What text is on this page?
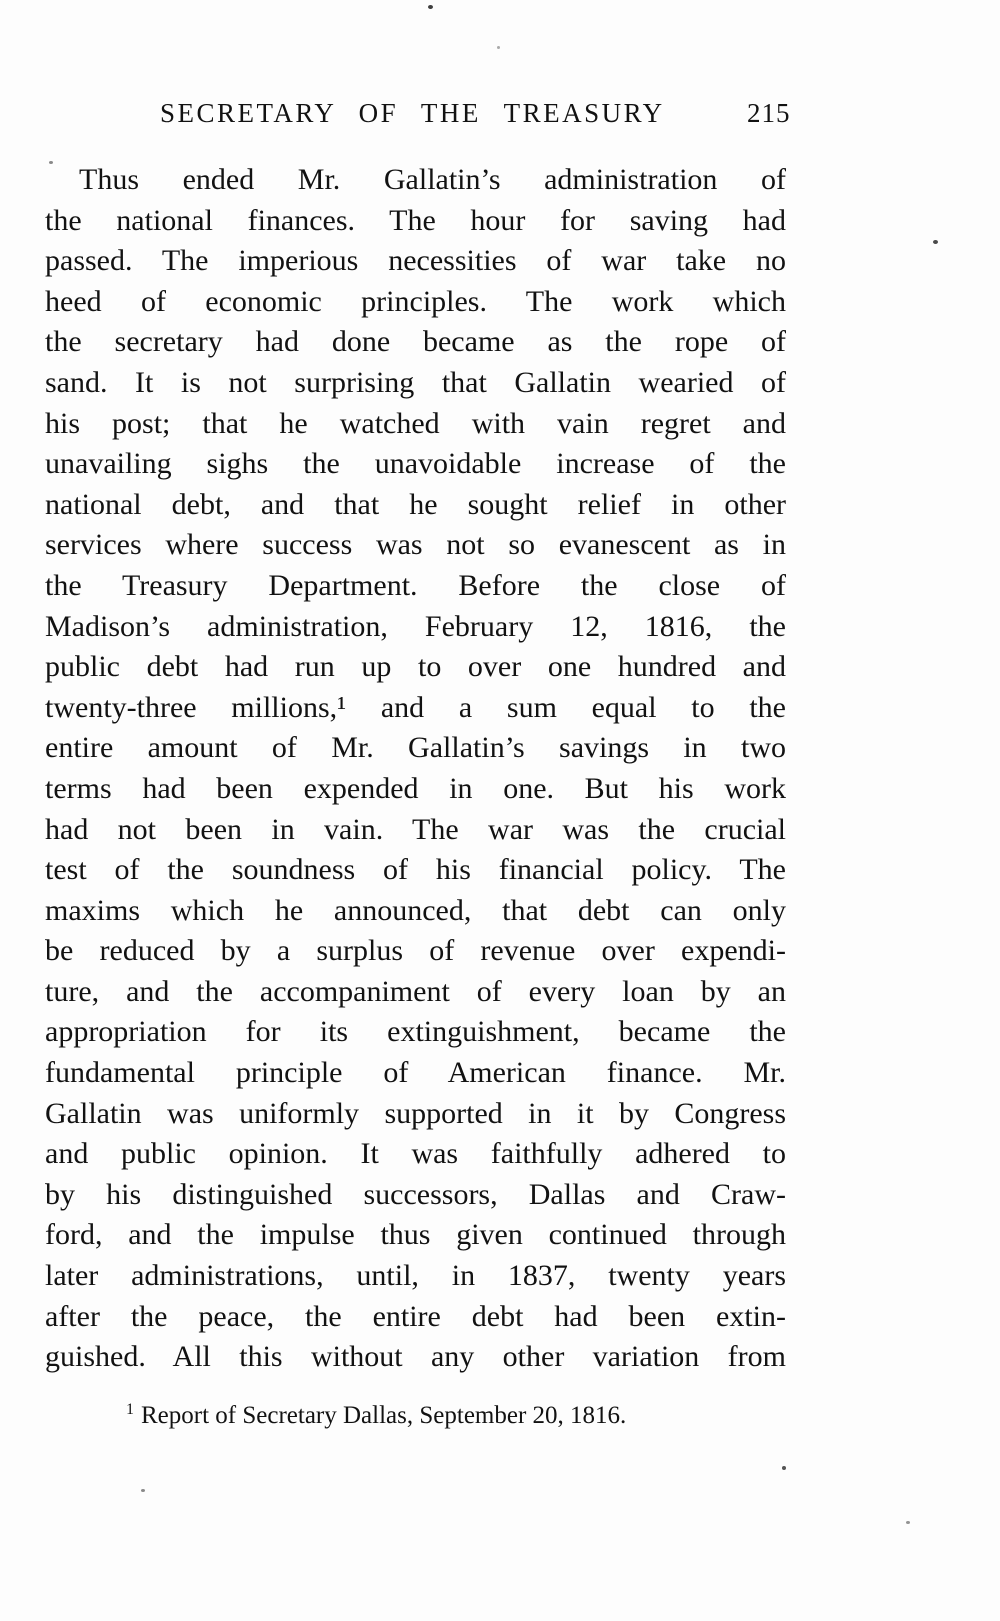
SECRETARY OF THE TREASURY	215
Thus ended Mr. Gallatin’s administration of
the national finances. The hour for saving had
passed. The imperious necessities of war take no
heed of economic principles. The work which
the secretary had done became as the rope of
sand. It is not surprising that Gallatin wearied of
his post; that he watched with vain regret and
unavailing sighs the unavoidable increase of the
national debt, and that he sought relief in other
services where success was not so evanescent as in
the Treasury Department. Before the close of
Madison’s administration, February 12, 1816, the
public debt had run up to over one hundred and
twenty-three millions,¹ and a sum equal to the
entire amount of Mr. Gallatin’s savings in two
terms had been expended in one. But his work
had not been in vain. The war was the crucial
test of the soundness of his financial policy. The
maxims which he announced, that debt can only
be reduced by a surplus of revenue over expendi-
ture, and the accompaniment of every loan by an
appropriation for its extinguishment, became the
fundamental principle of American finance. Mr.
Gallatin was uniformly supported in it by Congress
and public opinion. It was faithfully adhered to
by his distinguished successors, Dallas and Craw-
ford, and the impulse thus given continued through
later administrations, until, in 1837, twenty years
after the peace, the entire debt had been extin-
guished. All this without any other variation from
$^1$ Report of Secretary Dallas, September 20, 1816.
